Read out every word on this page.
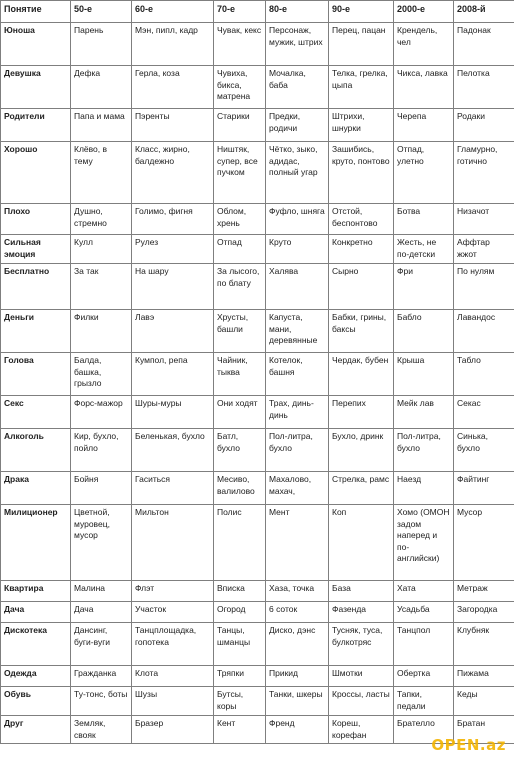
Понятие	50-е	60-е	70-е	80-е	90-е	2000-е	2008-й
Юноша	Парень	Мэн, пипл, кадр	Чувак, кекс	Персонаж, мужик, штрих	Перец, пацан	Крендель, чел	Падонак
Девушка	Дефка	Герла, коза	Чувиха, бикса, матрена	Мочалка, баба	Телка, грелка, цыпа	Чикса, лавка	Пелотка
Родители	Папа и мама	Пэренты	Старики	Предки, родичи	Штрихи, шнурки	Черепа	Родаки
Хорошо	Клёво, в тему	Класс, жирно, балдежно	Ништяк, супер, все пучком	Чётко, зыко, адидас, полный угар	Зашибись, круто, понтово	Отпад, улетно	Гламурно, готично
Плохо	Душно, стремно	Голимо, фигня	Облом, хрень	Фуфло, шняга	Отстой, беспонтово	Ботва	Низачот
Сильная эмоция	Кулл	Рулез	Отпад	Круто	Конкретно	Жесть, не по-детски	Аффтар жжот
Бесплатно	За так	На шару	За лысого, по блату	Халява	Сырно	Фри	По нулям
Деньги	Филки	Лавэ	Хрусты, башли	Капуста, мани, деревянные	Бабки, грины, баксы	Бабло	Лавандос
Голова	Балда, башка, грызло	Кумпол, репа	Чайник, тыква	Котелок, башня	Чердак, бубен	Крыша	Табло
Секс	Форс-мажор	Шуры-муры	Они ходят	Трах, динь-динь	Перепих	Мейк лав	Секас
Алкоголь	Кир, бухло, пойло	Беленькая, бухло	Батл, бухло	Пол-литра, бухло	Бухло, дринк	Пол-литра, бухло	Синька, бухло
Драка	Бойня	Гаситься	Месиво, валилово	Махалово, махач,	Стрелка, рамс	Наезд	Файтинг
Милиционер	Цветной, муровец, мусор	Мильтон	Полис	Мент	Коп	Хомо (ОМОН задом наперед и по-английски)	Мусор
Квартира	Малина	Флэт	Вписка	Хаза, точка	База	Хата	Метраж
Дача	Дача	Участок	Огород	6 соток	Фазенда	Усадьба	Загородка
Дискотека	Дансинг, буги-вуги	Танцплощадка, гопотека	Танцы, шманцы	Диско, дэнс	Тусняк, туса, булкотряс	Танцпол	Клубняк
Одежда	Гражданка	Клота	Тряпки	Прикид	Шмотки	Обертка	Пижама
Обувь	Ту-тонс, боты	Шузы	Бутсы, коры	Танки, шкеры	Кроссы, ласты	Тапки, педали	Кеды
Друг	Земляк, свояк	Бразер	Кент	Френд	Кореш, корефан	Брателло	Братан
OPEN.az
